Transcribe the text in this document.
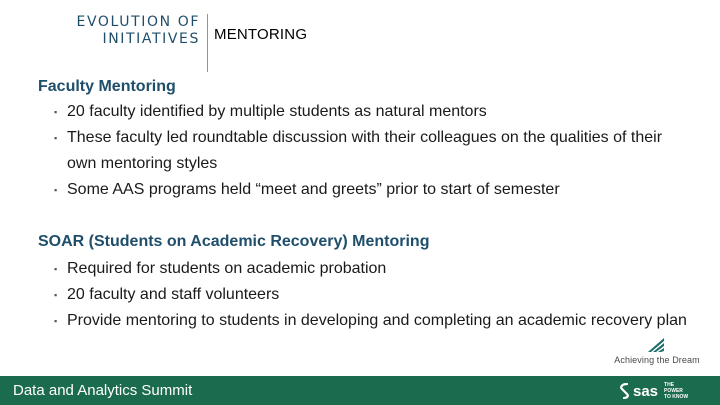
EVOLUTION OF
INITIATIVES MENTORING
Faculty Mentoring
▪ 20 faculty identified by multiple students as natural mentors
▪ These faculty led roundtable discussion with their colleagues on the qualities of their own mentoring styles
▪ Some AAS programs held “meet and greets” prior to start of semester
SOAR (Students on Academic Recovery) Mentoring
▪ Required for students on academic probation
▪ 20 faculty and staff volunteers
▪ Provide mentoring to students in developing and completing an academic recovery plan
Achieving the Dream
Data and Analytics Summit	sas THE
POWER
TO KNOW
